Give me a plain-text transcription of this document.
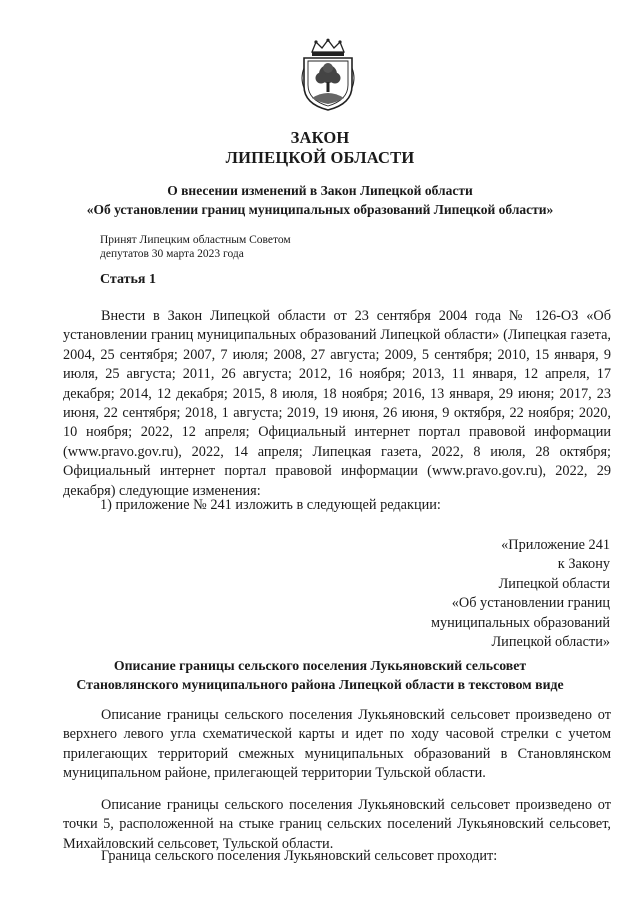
ЗАКОН
ЛИПЕЦКОЙ ОБЛАСТИ
О внесении изменений в Закон Липецкой области
«Об установлении границ муниципальных образований Липецкой области»
Принят Липецким областным Советом
депутатов 30 марта 2023 года
Статья 1

Внести в Закон Липецкой области от 23 сентября 2004 года № 126-ОЗ «Об установлении границ муниципальных образований Липецкой области» (Липецкая газета, 2004, 25 сентября; 2007, 7 июля; 2008, 27 августа; 2009, 5 сентября; 2010, 15 января, 9 июля, 25 августа; 2011, 26 августа; 2012, 16 ноября; 2013, 11 января, 12 апреля, 17 декабря; 2014, 12 декабря; 2015, 8 июля, 18 ноября; 2016, 13 января, 29 июня; 2017, 23 июня, 22 сентября; 2018, 1 августа; 2019, 19 июня, 26 июня, 9 октября, 22 ноября; 2020, 10 ноября; 2022, 12 апреля; Официальный интернет портал правовой информации (www.pravo.gov.ru), 2022, 14 апреля; Липецкая газета, 2022, 8 июля, 28 октября; Официальный интернет портал правовой информации (www.pravo.gov.ru), 2022, 29 декабря) следующие изменения:

1) приложение № 241 изложить в следующей редакции:
«Приложение 241
к Закону
Липецкой области
«Об установлении границ
муниципальных образований
Липецкой области»
Описание границы сельского поселения Лукьяновский сельсовет
Становлянского муниципального района Липецкой области в текстовом виде

Описание границы сельского поселения Лукьяновский сельсовет произведено от верхнего левого угла схематической карты и идет по ходу часовой стрелки с учетом прилегающих территорий смежных муниципальных образований в Становлянском муниципальном районе, прилегающей территории Тульской области.

Описание границы сельского поселения Лукьяновский сельсовет произведено от точки 5, расположенной на стыке границ сельских поселений Лукьяновский сельсовет, Михайловский сельсовет, Тульской области.

Граница сельского поселения Лукьяновский сельсовет проходит:
